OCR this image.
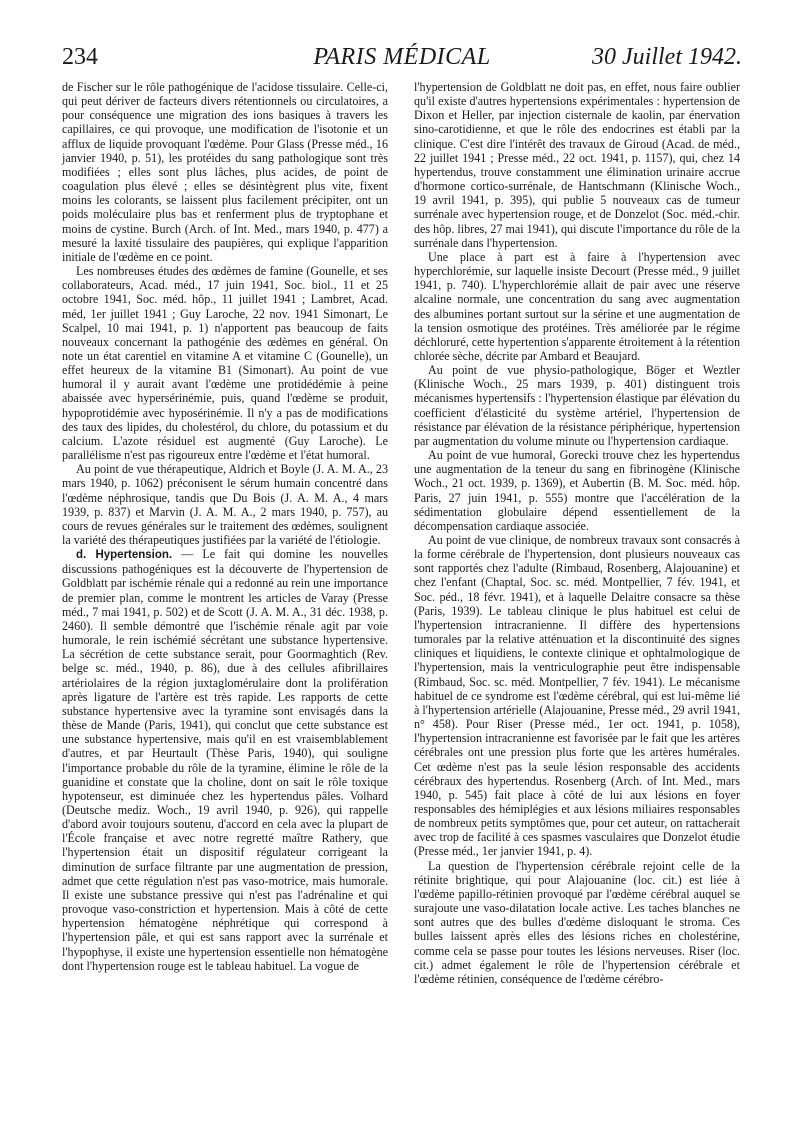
234	PARIS MÉDICAL	30 Juillet 1942.

de Fischer sur le rôle pathogénique de l'acidose tissulaire. Celle-ci, qui peut dériver de facteurs divers rétentionnels ou circulatoires, a pour conséquence une migration des ions basiques à travers les capillaires, ce qui provoque, une modification de l'isotonie et un afflux de liquide provoquant l'œdème. Pour Glass (Presse méd., 16 janvier 1940, p. 51), les protéides du sang pathologique sont très modifiées ; elles sont plus lâches, plus acides, de point de coagulation plus élevé ; elles se désintègrent plus vite, fixent moins les colorants, se laissent plus facilement précipiter, ont un poids moléculaire plus bas et renferment plus de tryptophane et moins de cystine. Burch (Arch. of Int. Med., mars 1940, p. 477) a mesuré la laxité tissulaire des paupières, qui explique l'apparition initiale de l'œdème en ce point.

Les nombreuses études des œdèmes de famine (Gounelle, et ses collaborateurs, Acad. méd., 17 juin 1941, Soc. biol., 11 et 25 octobre 1941, Soc. méd. hôp., 11 juillet 1941 ; Lambret, Acad. méd, 1er juillet 1941 ; Guy Laroche, 22 nov. 1941 Simonart, Le Scalpel, 10 mai 1941, p. 1) n'apportent pas beaucoup de faits nouveaux concernant la pathogénie des œdèmes en général. On note un état carentiel en vitamine A et vitamine C (Gounelle), un effet heureux de la vitamine B1 (Simonart). Au point de vue humoral il y aurait avant l'œdème une protidédémie à peine abaissée avec hypersérinémie, puis, quand l'œdème se produit, hypoprotidémie avec hyposérinémie. Il n'y a pas de modifications des taux des lipides, du cholestérol, du chlore, du potassium et du calcium. L'azote résiduel est augmenté (Guy Laroche). Le parallélisme n'est pas rigoureux entre l'œdème et l'état humoral.

Au point de vue thérapeutique, Aldrich et Boyle (J. A. M. A., 23 mars 1940, p. 1062) préconisent le sérum humain concentré dans l'œdème néphrosique, tandis que Du Bois (J. A. M. A., 4 mars 1939, p. 837) et Marvin (J. A. M. A., 2 mars 1940, p. 757), au cours de revues générales sur le traitement des œdèmes, soulignent la variété des thérapeutiques justifiées par la variété de l'étiologie.

d. Hypertension. — Le fait qui domine les nouvelles discussions pathogéniques est la découverte de l'hypertension de Goldblatt par ischémie rénale qui a redonné au rein une importance de premier plan, comme le montrent les articles de Varay (Presse méd., 7 mai 1941, p. 502) et de Scott (J. A. M. A., 31 déc. 1938, p. 2460). Il semble démontré que l'ischémie rénale agit par voie humorale, le rein ischémié sécrétant une substance hypertensive. La sécrétion de cette substance serait, pour Goormaghtich (Rev. belge sc. méd., 1940, p. 86), due à des cellules afibrillaires artériolaires de la région juxtaglomérulaire dont la prolifération après ligature de l'artère est très rapide. Les rapports de cette substance hypertensive avec la tyramine sont envisagés dans la thèse de Mande (Paris, 1941), qui conclut que cette substance est une substance hypertensive, mais qu'il en est vraisemblablement d'autres, et par Heurtault (Thèse Paris, 1940), qui souligne l'importance probable du rôle de la tyramine, élimine le rôle de la guanidine et constate que la choline, dont on sait le rôle toxique hypotenseur, est diminuée chez les hypertendus pâles. Volhard (Deutsche mediz. Woch., 19 avril 1940, p. 926), qui rappelle d'abord avoir toujours soutenu, d'accord en cela avec la plupart de l'École française et avec notre regretté maître Rathery, que l'hypertension était un dispositif régulateur corrigeant la diminution de surface filtrante par une augmentation de pression, admet que cette régulation n'est pas vaso-motrice, mais humorale. Il existe une substance pressive qui n'est pas l'adrénaline et qui provoque vaso-constriction et hypertension. Mais à côté de cette hypertension hématogène néphrétique qui correspond à l'hypertension pâle, et qui est sans rapport avec la surrénale et l'hypophyse, il existe une hypertension essentielle non hématogène dont l'hypertension rouge est le tableau habituel. La vogue de

l'hypertension de Goldblatt ne doit pas, en effet, nous faire oublier qu'il existe d'autres hypertensions expérimentales : hypertension de Dixon et Heller, par injection cisternale de kaolin, par énervation sino-carotidienne, et que le rôle des endocrines est établi par la clinique. C'est dire l'intérêt des travaux de Giroud (Acad. de méd., 22 juillet 1941 ; Presse méd., 22 oct. 1941, p. 1157), qui, chez 14 hypertendus, trouve constamment une élimination urinaire accrue d'hormone cortico-surrénale, de Hantschmann (Klinische Woch., 19 avril 1941, p. 395), qui publie 5 nouveaux cas de tumeur surrénale avec hypertension rouge, et de Donzelot (Soc. méd.-chir. des hôp. libres, 27 mai 1941), qui discute l'importance du rôle de la surrénale dans l'hypertension.

Une place à part est à faire à l'hypertension avec hyperchlorémie, sur laquelle insiste Decourt (Presse méd., 9 juillet 1941, p. 740). L'hyperchlorémie allait de pair avec une réserve alcaline normale, une concentration du sang avec augmentation des albumines portant surtout sur la sérine et une augmentation de la tension osmotique des protéines. Très améliorée par le régime déchloruré, cette hypertention s'apparente étroitement à la rétention chlorée sèche, décrite par Ambard et Beaujard.

Au point de vue physio-pathologique, Böger et Weztler (Klinische Woch., 25 mars 1939, p. 401) distinguent trois mécanismes hypertensifs : l'hypertension élastique par élévation du coefficient d'élasticité du système artériel, l'hypertension de résistance par élévation de la résistance périphérique, hypertension par augmentation du volume minute ou l'hypertension cardiaque.

Au point de vue humoral, Gorecki trouve chez les hypertendus une augmentation de la teneur du sang en fibrinogène (Klinische Woch., 21 oct. 1939, p. 1369), et Aubertin (B. M. Soc. méd. hôp. Paris, 27 juin 1941, p. 555) montre que l'accélération de la sédimentation globulaire dépend essentiellement de la décompensation cardiaque associée.

Au point de vue clinique, de nombreux travaux sont consacrés à la forme cérébrale de l'hypertension, dont plusieurs nouveaux cas sont rapportés chez l'adulte (Rimbaud, Rosenberg, Alajouanine) et chez l'enfant (Chaptal, Soc. sc. méd. Montpellier, 7 fév. 1941, et Soc. péd., 18 févr. 1941), et à laquelle Delaitre consacre sa thèse (Paris, 1939). Le tableau clinique le plus habituel est celui de l'hypertension intracranienne. Il diffère des hypertensions tumorales par la relative atténuation et la discontinuité des signes cliniques et liquidiens, le contexte clinique et ophtalmologique de l'hypertension, mais la ventriculographie peut être indispensable (Rimbaud, Soc. sc. méd. Montpellier, 7 fév. 1941). Le mécanisme habituel de ce syndrome est l'œdème cérébral, qui est lui-même lié à l'hypertension artérielle (Alajouanine, Presse méd., 29 avril 1941, n° 458). Pour Riser (Presse méd., 1er oct. 1941, p. 1058), l'hypertension intracranienne est favorisée par le fait que les artères cérébrales ont une pression plus forte que les artères humérales. Cet œdème n'est pas la seule lésion responsable des accidents cérébraux des hypertendus. Rosenberg (Arch. of Int. Med., mars 1940, p. 545) fait place à côté de lui aux lésions en foyer responsables des hémiplégies et aux lésions miliaires responsables de nombreux petits symptômes que, pour cet auteur, on rattacherait avec trop de facilité à ces spasmes vasculaires que Donzelot étudie (Presse méd., 1er janvier 1941, p. 4).

La question de l'hypertension cérébrale rejoint celle de la rétinite brightique, qui pour Alajouanine (loc. cit.) est liée à l'œdème papillo-rétinien provoqué par l'œdème cérébral auquel se surajoute une vaso-dilatation locale active. Les taches blanches ne sont autres que des bulles d'œdème disloquant le stroma. Ces bulles laissent après elles des lésions riches en cholestérine, comme cela se passe pour toutes les lésions nerveuses. Riser (loc. cit.) admet également le rôle de l'hypertension cérébrale et l'œdème rétinien, conséquence de l'œdème cérébro-
